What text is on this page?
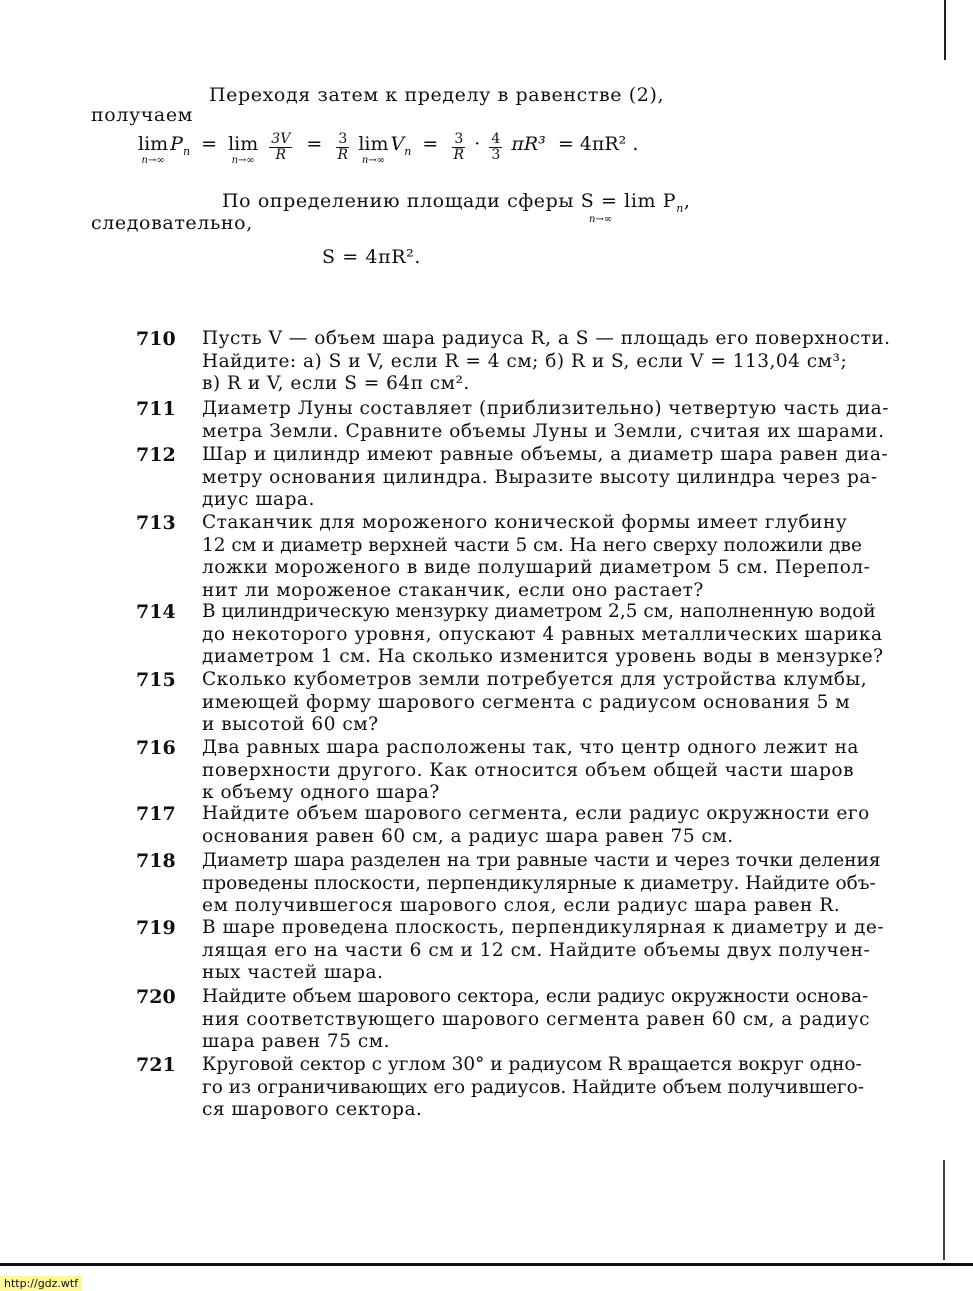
Переходя затем к пределу в равенстве (2),
получаем
lim
n→∞
$P_n = \lim$
n→∞
$\frac{3V}{R} = \frac{3}{R}$
lim
n→∞
$V_n = \frac{3}{R} \cdot \frac{4}{3} \pi R^3 = 4\pi R^2$ .
По определению площади сферы $S = \lim P_n$,
n→∞
следовательно,
S = 4πR².
710	Пусть V — объем шара радиуса R, а S — площадь его поверхности.
Найдите: а) S и V, если R = 4 см; б) R и S, если V = 113,04 см³;
в) R и V, если S = 64π см².
711	Диаметр Луны составляет (приблизительно) четвертую часть диа-
метра Земли. Сравните объемы Луны и Земли, считая их шарами.
712	Шар и цилиндр имеют равные объемы, а диаметр шара равен диа-
метру основания цилиндра. Выразите высоту цилиндра через ра-
диус шара.
713	Стаканчик для мороженого конической формы имеет глубину
12 см и диаметр верхней части 5 см. На него сверху положили две
ложки мороженого в виде полушарий диаметром 5 см. Перепол-
нит ли мороженое стаканчик, если оно растает?
714	В цилиндрическую мензурку диаметром 2,5 см, наполненную водой
до некоторого уровня, опускают 4 равных металлических шарика
диаметром 1 см. На сколько изменится уровень воды в мензурке?
715	Сколько кубометров земли потребуется для устройства клумбы,
имеющей форму шарового сегмента с радиусом основания 5 м
и высотой 60 см?
716	Два равных шара расположены так, что центр одного лежит на
поверхности другого. Как относится объем общей части шаров
к объему одного шара?
717	Найдите объем шарового сегмента, если радиус окружности его
основания равен 60 см, а радиус шара равен 75 см.
718	Диаметр шара разделен на три равные части и через точки деления
проведены плоскости, перпендикулярные к диаметру. Найдите объ-
ем получившегося шарового слоя, если радиус шара равен R.
719	В шаре проведена плоскость, перпендикулярная к диаметру и де-
лящая его на части 6 см и 12 см. Найдите объемы двух получен-
ных частей шара.
720	Найдите объем шарового сектора, если радиус окружности основа-
ния соответствующего шарового сегмента равен 60 см, а радиус
шара равен 75 см.
721	Круговой сектор с углом 30° и радиусом R вращается вокруг одно-
го из ограничивающих его радиусов. Найдите объем получившего-
ся шарового сектора.
http://gdz.wtf
